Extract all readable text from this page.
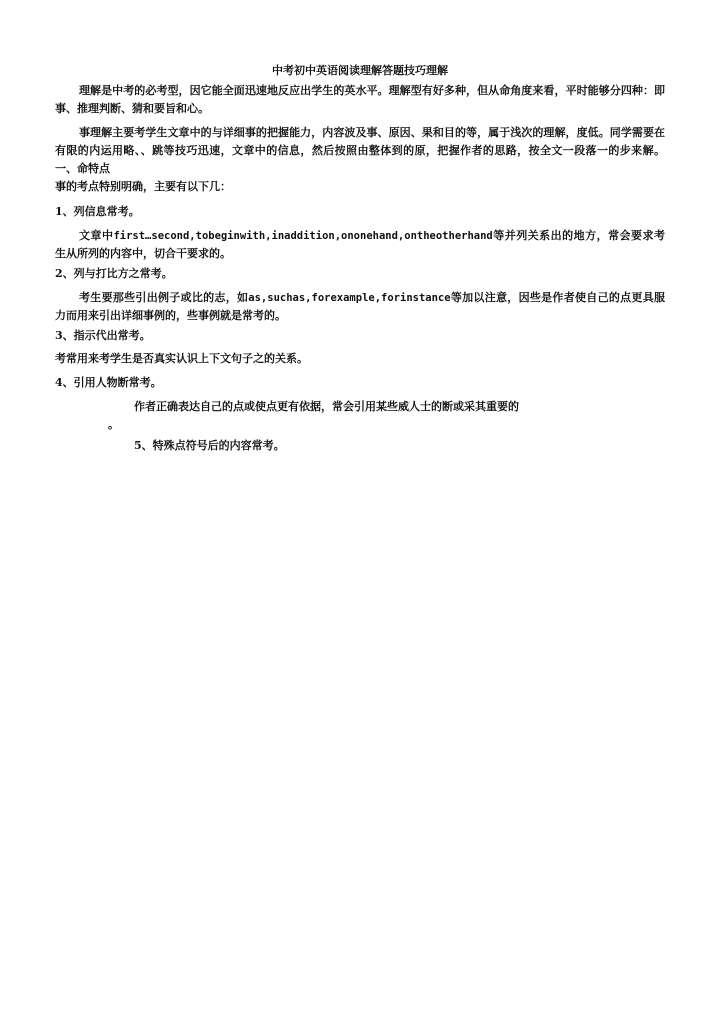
中考初中英语阅读理解答题技巧理解
理解是中考的必考型，因它能全面迅速地反应出学生的英水平。理解型有好多种，但从命角度来看，平时能够分四种：即事、推理判断、猜和要旨和心。
事理解主要考学生文章中的与详细事的把握能力，内容波及事、原因、果和目的等，属于浅次的理解，度低。同学需要在有限的内运用略、、跳等技巧迅速，文章中的信息，然后按照由整体到的原，把握作者的思路，按全文一段落一的步来解。一、命特点
事的考点特别明确，主要有以下几：
1、列信息常考。
文章中first…second,tobeginwith,inaddition,ononehand,ontheotherhand等并列关系出的地方，常会要求考生从所列的内容中，切合干要求的。
2、列与打比方之常考。
考生要那些引出例子或比的志，如as,suchas,forexample,forinstance等加以注意，因些是作者使自己的点更具服力而用来引出详细事例的，些事例就是常考的。
3、指示代出常考。
考常用来考学生是否真实认识上下文句子之的关系。
4、引用人物断常考。
作者正确表达自己的点或使点更有依据，常会引用某些威人士的断或采其重要的
。
5、特殊点符号后的内容常考。
